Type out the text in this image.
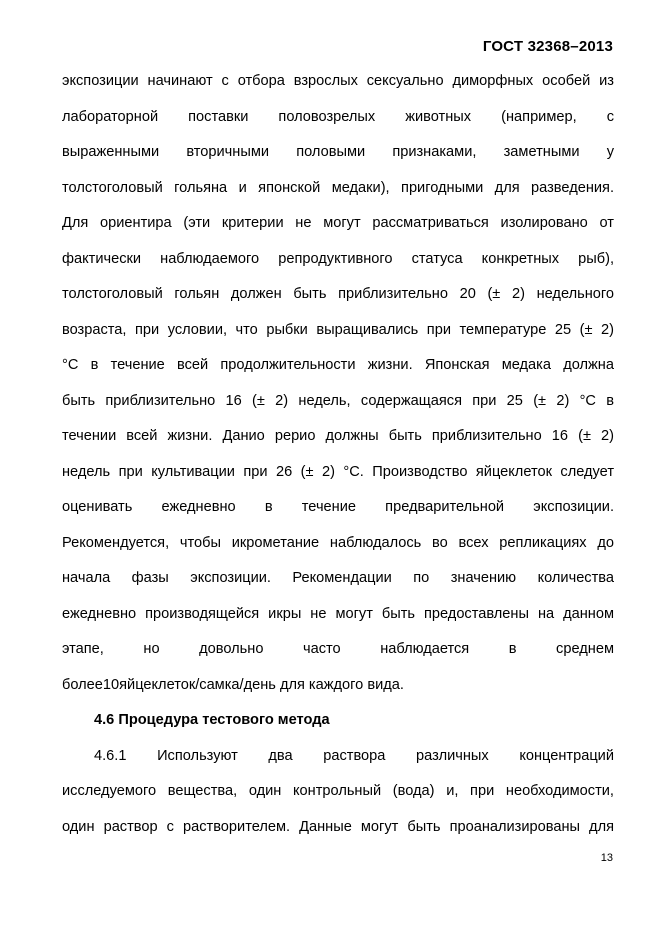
ГОСТ 32368–2013
экспозиции начинают с отбора взрослых сексуально диморфных особей из
лабораторной поставки половозрелых животных (например, с
выраженными вторичными половыми признаками, заметными у
толстоголовый гольяна и японской медаки), пригодными для разведения.
Для ориентира (эти критерии не могут рассматриваться изолировано от
фактически наблюдаемого репродуктивного статуса конкретных рыб),
толстоголовый гольян должен быть приблизительно 20 (± 2) недельного
возраста, при условии, что рыбки выращивались при температуре 25 (± 2)
°C в течение всей продолжительности жизни. Японская медака должна
быть приблизительно 16 (± 2) недель, содержащаяся при 25 (± 2) °C в
течении всей жизни. Данио рерио должны быть приблизительно 16 (± 2)
недель при культивации при 26 (± 2) °C. Производство яйцеклеток следует
оценивать ежедневно в течение предварительной экспозиции.
Рекомендуется, чтобы икрометание наблюдалось во всех репликациях до
начала фазы экспозиции. Рекомендации по значению количества
ежедневно производящейся икры не могут быть предоставлены на данном
этапе, но довольно часто наблюдается в среднем
более10яйцеклеток/самка/день для каждого вида.
4.6 Процедура тестового метода
4.6.1 Используют два раствора различных концентраций
исследуемого вещества, один контрольный (вода) и, при необходимости,
один раствор с растворителем. Данные могут быть проанализированы для
13
